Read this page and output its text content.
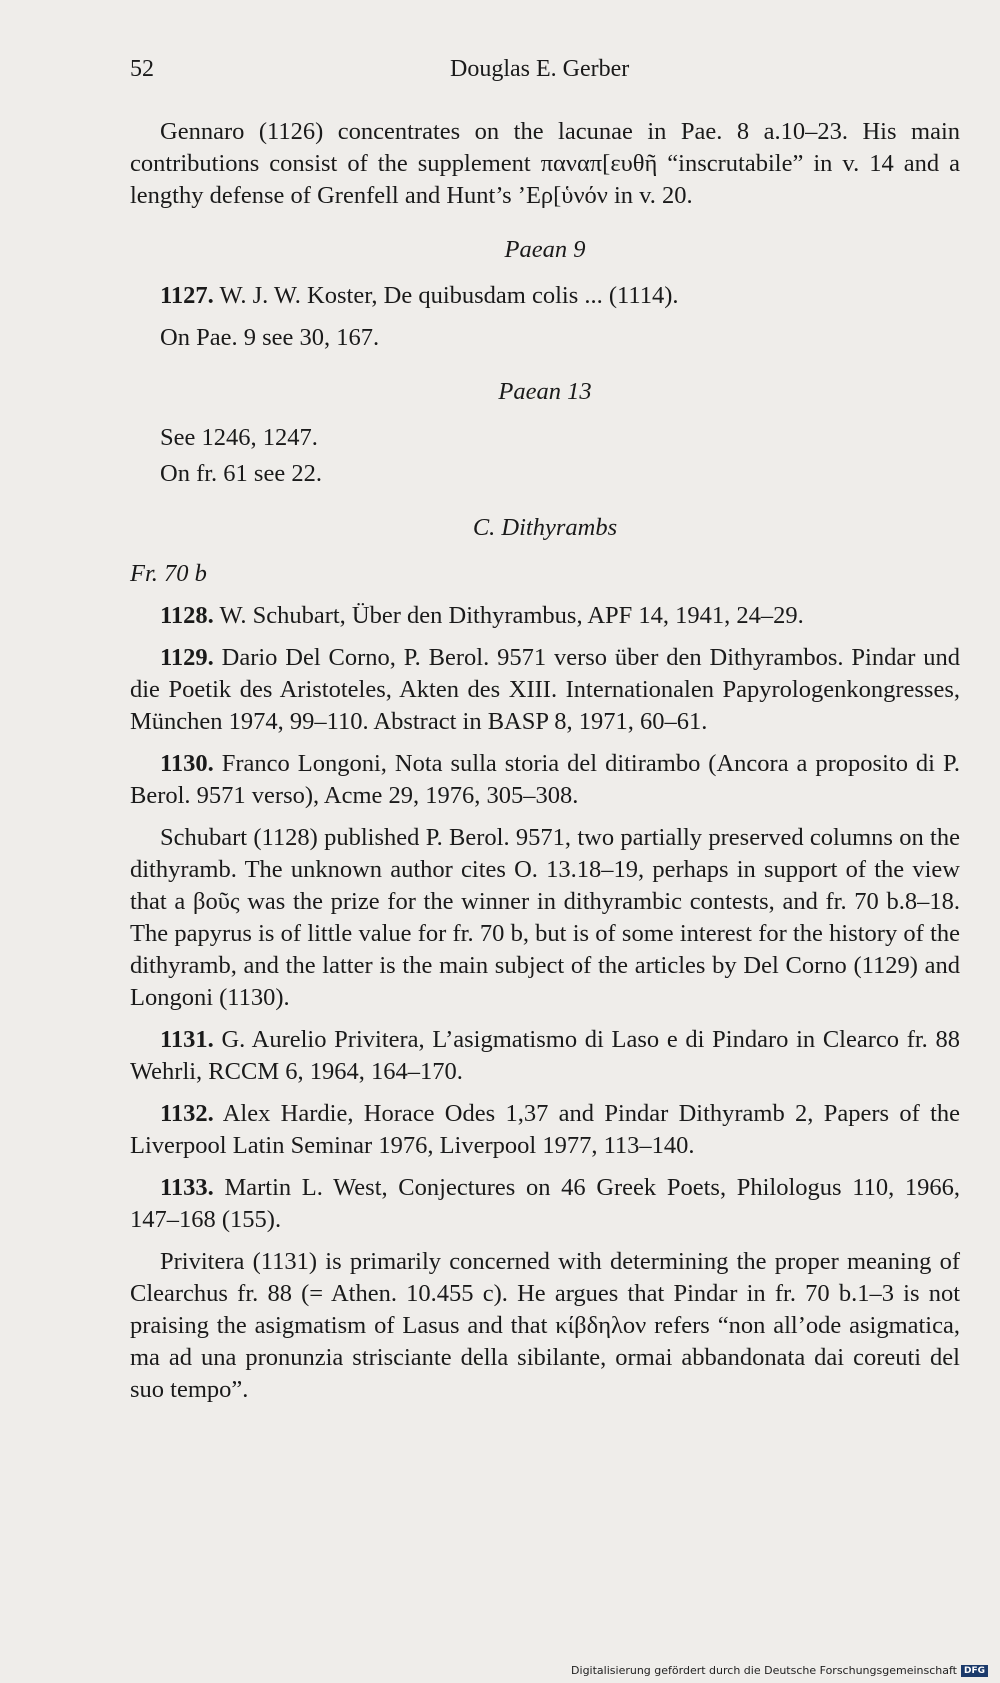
52	Douglas E. Gerber

Gennaro (1126) concentrates on the lacunae in Pae. 8 a.10–23. His main contributions consist of the supplement παναπ[ευθῆ “inscrutabile” in v. 14 and a lengthy defense of Grenfell and Hunt’s ’Ερ[ὑνόν in v. 20.

Paean 9

1127. W. J. W. Koster, De quibusdam colis ... (1114).

On Pae. 9 see 30, 167.

Paean 13

See 1246, 1247.

On fr. 61 see 22.

C. Dithyrambs
Fr. 70 b

1128. W. Schubart, Über den Dithyrambus, APF 14, 1941, 24–29.

1129. Dario Del Corno, P. Berol. 9571 verso über den Dithyrambos. Pindar und die Poetik des Aristoteles, Akten des XIII. Internationalen Papyrologenkongresses, München 1974, 99–110. Abstract in BASP 8, 1971, 60–61.

1130. Franco Longoni, Nota sulla storia del ditirambo (Ancora a proposito di P. Berol. 9571 verso), Acme 29, 1976, 305–308.

Schubart (1128) published P. Berol. 9571, two partially preserved columns on the dithyramb. The unknown author cites O. 13.18–19, perhaps in support of the view that a βοῦς was the prize for the winner in dithyrambic contests, and fr. 70 b.8–18. The papyrus is of little value for fr. 70 b, but is of some interest for the history of the dithyramb, and the latter is the main subject of the articles by Del Corno (1129) and Longoni (1130).

1131. G. Aurelio Privitera, L’asigmatismo di Laso e di Pindaro in Clearco fr. 88 Wehrli, RCCM 6, 1964, 164–170.

1132. Alex Hardie, Horace Odes 1,37 and Pindar Dithyramb 2, Papers of the Liverpool Latin Seminar 1976, Liverpool 1977, 113–140.

1133. Martin L. West, Conjectures on 46 Greek Poets, Philologus 110, 1966, 147–168 (155).

Privitera (1131) is primarily concerned with determining the proper meaning of Clearchus fr. 88 (= Athen. 10.455 c). He argues that Pindar in fr. 70 b.1–3 is not praising the asigmatism of Lasus and that κίβδηλον refers “non all’ode asigmatica, ma ad una pronunzia strisciante della sibilante, ormai abbandonata dai coreuti del suo tempo”.

Digitalisierung gefördert durch die Deutsche Forschungsgemeinschaft DFG
